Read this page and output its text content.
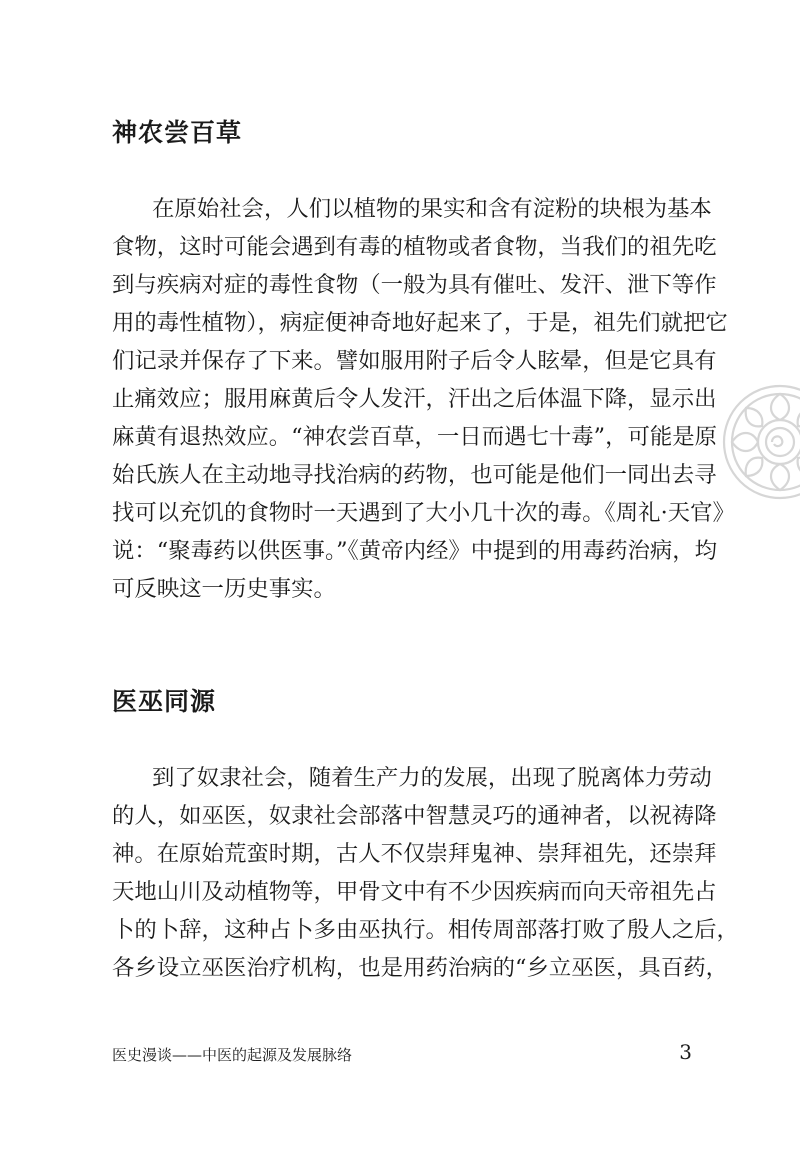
神农尝百草
在原始社会，人们以植物的果实和含有淀粉的块根为基本
食物，这时可能会遇到有毒的植物或者食物，当我们的祖先吃
到与疾病对症的毒性食物（一般为具有催吐、发汗、泄下等作
用的毒性植物），病症便神奇地好起来了，于是，祖先们就把它
们记录并保存了下来。譬如服用附子后令人眩晕，但是它具有
止痛效应；服用麻黄后令人发汗，汗出之后体温下降，显示出
麻黄有退热效应。“神农尝百草，一日而遇七十毒”，可能是原
始氏族人在主动地寻找治病的药物，也可能是他们一同出去寻
找可以充饥的食物时一天遇到了大小几十次的毒。《周礼·天官》
说：“聚毒药以供医事。”《黄帝内经》中提到的用毒药治病，均
可反映这一历史事实。
医巫同源
到了奴隶社会，随着生产力的发展，出现了脱离体力劳动
的人，如巫医，奴隶社会部落中智慧灵巧的通神者，以祝祷降
神。在原始荒蛮时期，古人不仅崇拜鬼神、崇拜祖先，还崇拜
天地山川及动植物等，甲骨文中有不少因疾病而向天帝祖先占
卜的卜辞，这种占卜多由巫执行。相传周部落打败了殷人之后，
各乡设立巫医治疗机构，也是用药治病的“乡立巫医，具百药，
医史漫谈——中医的起源及发展脉络	3
